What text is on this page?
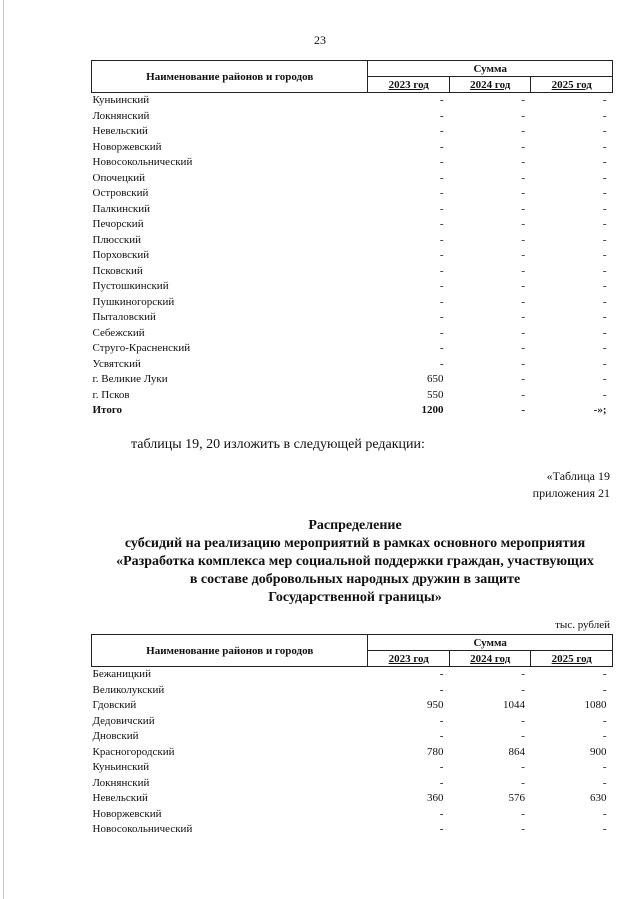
23
Наименование районов и городов	Сумма		
	2023 год	2024 год	2025 год
Куньинский	-	-	-
Локнянский	-	-	-
Невельский	-	-	-
Новоржевский	-	-	-
Новосокольнический	-	-	-
Опочецкий	-	-	-
Островский	-	-	-
Палкинский	-	-	-
Печорский	-	-	-
Плюсский	-	-	-
Порховский	-	-	-
Псковский	-	-	-
Пустошкинский	-	-	-
Пушкиногорский	-	-	-
Пыталовский	-	-	-
Себежский	-	-	-
Струго-Красненский	-	-	-
Усвятский	-	-	-
г. Великие Луки	650	-	-
г. Псков	550	-	-
Итого	1200	-	-»;
таблицы 19, 20 изложить в следующей редакции:
«Таблица 19
приложения 21
Распределение
субсидий на реализацию мероприятий в рамках основного мероприятия
«Разработка комплекса мер социальной поддержки граждан, участвующих
в составе добровольных народных дружин в защите
Государственной границы»
тыс. рублей
Наименование районов и городов	Сумма		
	2023 год	2024 год	2025 год
Бежаницкий	-	-	-
Великолукский	-	-	-
Гдовский	950	1044	1080
Дедовичский	-	-	-
Дновский	-	-	-
Красногородский	780	864	900
Куньинский	-	-	-
Локнянский	-	-	-
Невельский	360	576	630
Новоржевский	-	-	-
Новосокольнический	-	-	-
